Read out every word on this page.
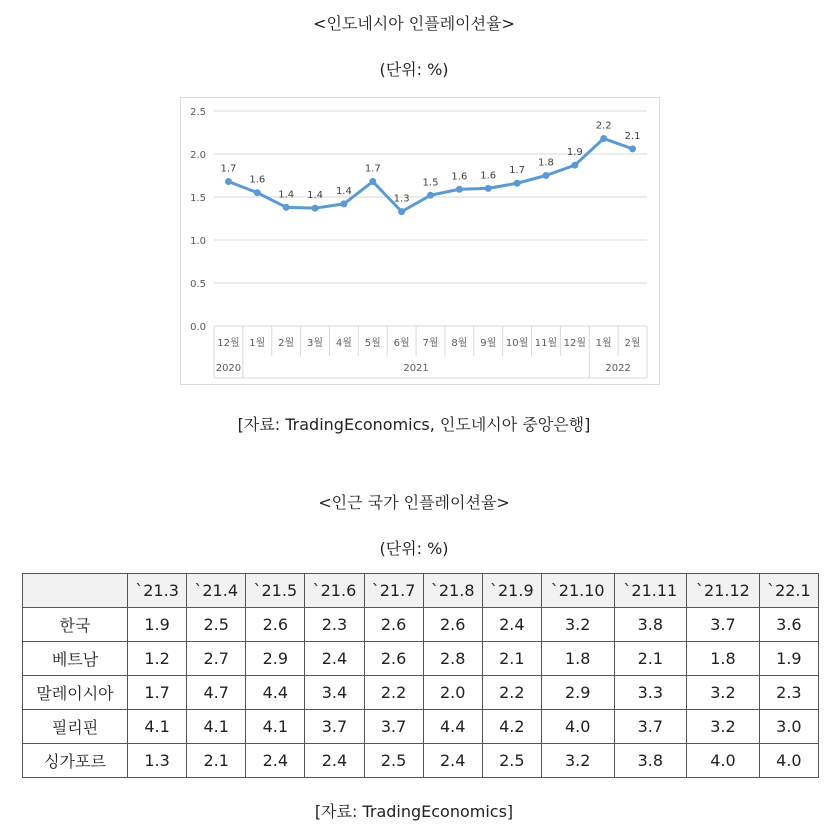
<인도네시아 인플레이션율>
(단위: %)
0.0
0.5
1.0
1.5
2.0
2.5
2020	2021	2022
12월 1월 2월 3월 4월 5월 6월 7월 8월 9월 10월 11월 12월 1월 2월
1.7
1.6
1.4 1.4 1.4
1.7
1.3
1.5
1.6 1.6 1.7
1.8
1.9
2.2
2.1
[자료: TradingEconomics, 인도네시아 중앙은행]
<인근 국가 인플레이션율>
(단위: %)
	`21.3	`21.4	`21.5	`21.6	`21.7	`21.8	`21.9	`21.10	`21.11	`21.12	`22.1
한국	1.9	2.5	2.6	2.3	2.6	2.6	2.4	3.2	3.8	3.7	3.6
베트남	1.2	2.7	2.9	2.4	2.6	2.8	2.1	1.8	2.1	1.8	1.9
말레이시아	1.7	4.7	4.4	3.4	2.2	2.0	2.2	2.9	3.3	3.2	2.3
필리핀	4.1	4.1	4.1	3.7	3.7	4.4	4.2	4.0	3.7	3.2	3.0
싱가포르	1.3	2.1	2.4	2.4	2.5	2.4	2.5	3.2	3.8	4.0	4.0
[자료: TradingEconomics]
